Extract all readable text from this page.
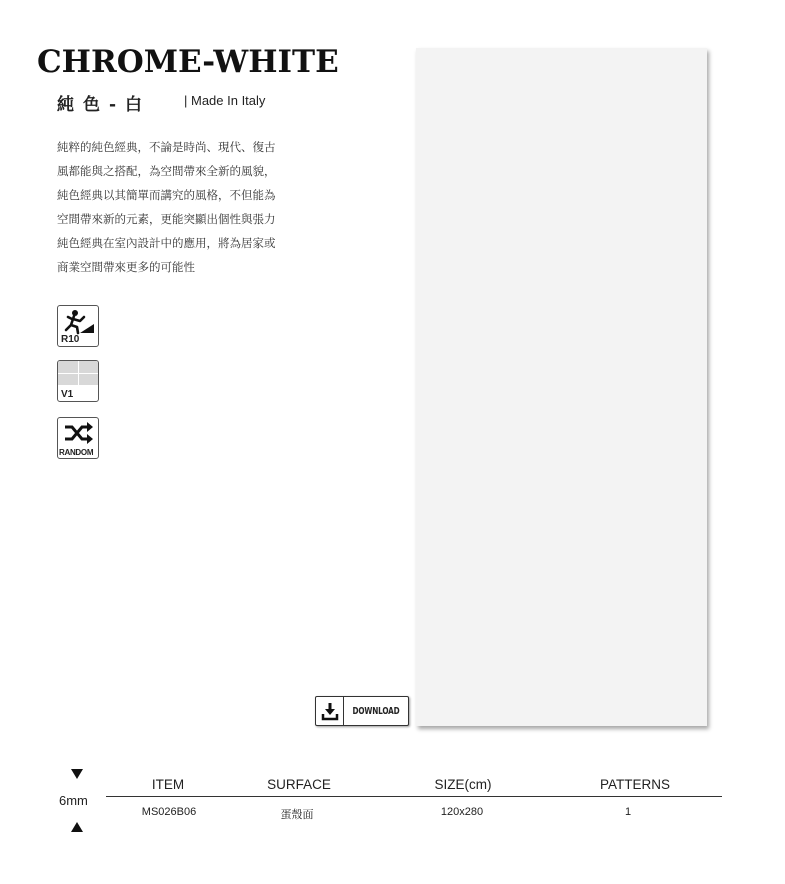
CHROME-WHITE
純色-白	| Made In Italy
純粹的純色經典，不論是時尚、現代、復古
風都能與之搭配，為空間帶來全新的風貌，
純色經典以其簡單而講究的風格，不但能為
空間帶來新的元素，更能突顯出個性與張力
純色經典在室內設計中的應用，將為居家或
商業空間帶來更多的可能性
R10
V1
RANDOM
DOWNLOAD
6mm
ITEM	SURFACE	SIZE(cm)	PATTERNS
MS026B06	蛋殼面	120x280	1
